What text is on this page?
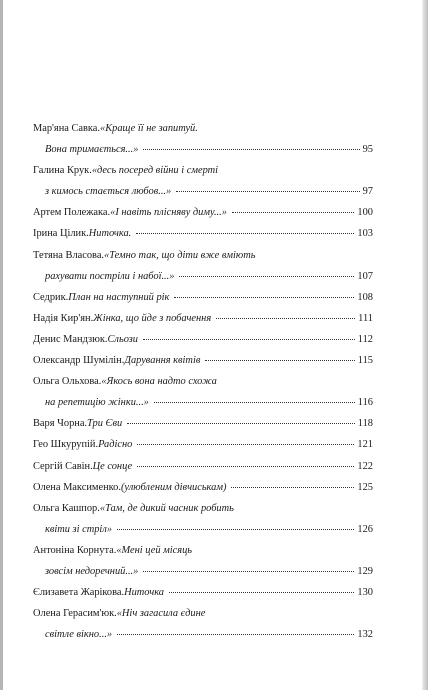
Мар'яна Савка. «Краще її не запитуй.
Вона тримається...»	95
Галина Крук. «десь посеред війни і смерті
з кимось стається любов...»	97
Артем Полежака. «І навіть плісняву диму...»	100
Ірина Цілик. Ниточка.	103
Тетяна Власова. «Темно так, що діти вже вміють
рахувати постріли і набої...»	107
Седрик. План на наступний рік	108
Надія Кир'ян. Жінка, що йде з побачення	111
Денис Мандзюк. Сльози	112
Олександр Шумілін. Дарування квітів	115
Ольга Ольхова. «Якось вона надто схожа
на репетицію жінки...»	116
Варя Чорна. Три Єви	118
Гео Шкурупій. Радісно	121
Сергій Савін. Це сонце	122
Олена Максименко. (улюбленим дівчиськам)	125
Ольга Кашпор. «Там, де дикий часник робить
квіти зі стріл»	126
Антоніна Корнута. «Мені цей місяць
зовсім недоречний...»	129
Єлизавета Жарікова. Ниточка	130
Олена Герасим'юк. «Ніч загасила єдине
світле вікно...»	132
